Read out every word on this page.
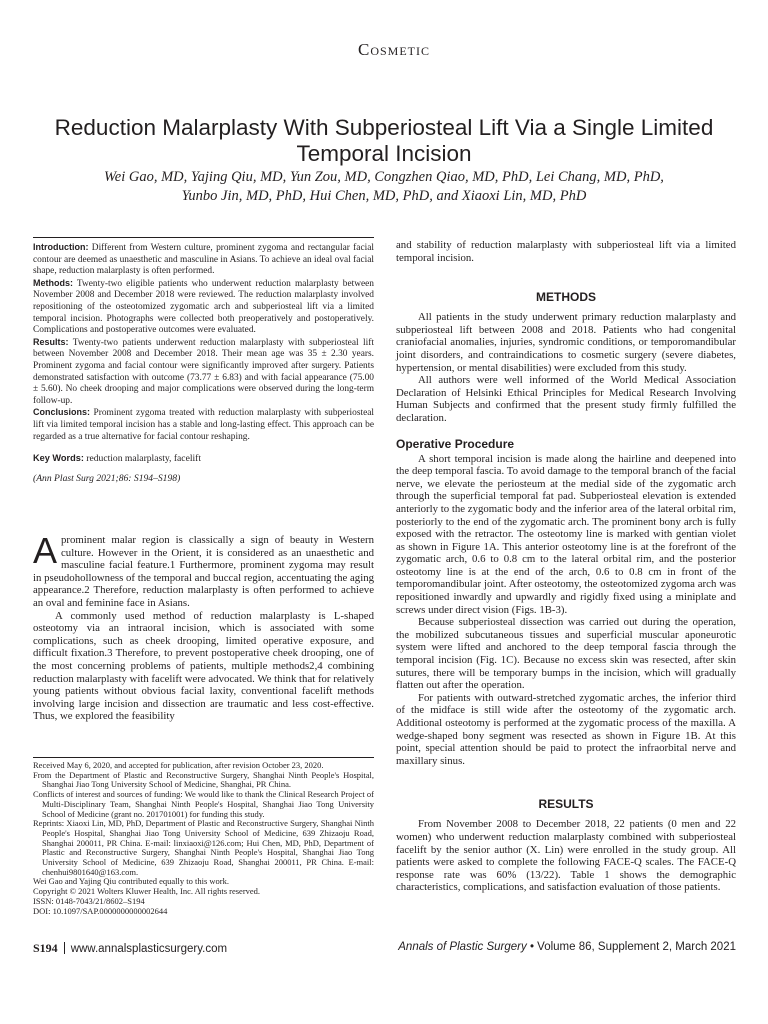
Cosmetic
Reduction Malarplasty With Subperiosteal Lift Via a Single Limited Temporal Incision
Wei Gao, MD, Yajing Qiu, MD, Yun Zou, MD, Congzhen Qiao, MD, PhD, Lei Chang, MD, PhD,
Yunbo Jin, MD, PhD, Hui Chen, MD, PhD, and Xiaoxi Lin, MD, PhD

Introduction: Different from Western culture, prominent zygoma and rectangular facial contour are deemed as unaesthetic and masculine in Asians. To achieve an ideal oval facial shape, reduction malarplasty is often performed.

Methods: Twenty-two eligible patients who underwent reduction malarplasty between November 2008 and December 2018 were reviewed. The reduction malarplasty involved repositioning of the osteotomized zygomatic arch and subperiosteal lift via a limited temporal incision. Photographs were collected both preoperatively and postoperatively. Complications and postoperative outcomes were evaluated.

Results: Twenty-two patients underwent reduction malarplasty with subperiosteal lift between November 2008 and December 2018. Their mean age was 35 ± 2.30 years. Prominent zygoma and facial contour were significantly improved after surgery. Patients demonstrated satisfaction with outcome (73.77 ± 6.83) and with facial appearance (75.00 ± 5.60). No cheek drooping and major complications were observed during the long-term follow-up.

Conclusions: Prominent zygoma treated with reduction malarplasty with subperiosteal lift via limited temporal incision has a stable and long-lasting effect. This approach can be regarded as a true alternative for facial contour reshaping.

Key Words: reduction malarplasty, facelift

(Ann Plast Surg 2021;86: S194–S198)

Aprominent malar region is classically a sign of beauty in Western culture. However in the Orient, it is considered as an unaesthetic and masculine facial feature.1 Furthermore, prominent zygoma may result in pseudohollowness of the temporal and buccal region, accentuating the aging appearance.2 Therefore, reduction malarplasty is often performed to achieve an oval and feminine face in Asians.

A commonly used method of reduction malarplasty is L-shaped osteotomy via an intraoral incision, which is associated with some complications, such as cheek drooping, limited operative exposure, and difficult fixation.3 Therefore, to prevent postoperative cheek drooping, one of the most concerning problems of patients, multiple methods2,4 combining reduction malarplasty with facelift were advocated. We think that for relatively young patients without obvious facial laxity, conventional facelift methods involving large incision and dissection are traumatic and less cost-effective. Thus, we explored the feasibility

Received May 6, 2020, and accepted for publication, after revision October 23, 2020.

From the Department of Plastic and Reconstructive Surgery, Shanghai Ninth People's Hospital, Shanghai Jiao Tong University School of Medicine, Shanghai, PR China.

Conflicts of interest and sources of funding: We would like to thank the Clinical Research Project of Multi-Disciplinary Team, Shanghai Ninth People's Hospital, Shanghai Jiao Tong University School of Medicine (grant no. 201701001) for funding this study.

Reprints: Xiaoxi Lin, MD, PhD, Department of Plastic and Reconstructive Surgery, Shanghai Ninth People's Hospital, Shanghai Jiao Tong University School of Medicine, 639 Zhizaoju Road, Shanghai 200011, PR China. E-mail: linxiaoxi@126.com; Hui Chen, MD, PhD, Department of Plastic and Reconstructive Surgery, Shanghai Ninth People's Hospital, Shanghai Jiao Tong University School of Medicine, 639 Zhizaoju Road, Shanghai 200011, PR China. E-mail: chenhui9801640@163.com.

Wei Gao and Yajing Qiu contributed equally to this work.

Copyright © 2021 Wolters Kluwer Health, Inc. All rights reserved.

ISSN: 0148-7043/21/8602–S194

DOI: 10.1097/SAP.0000000000002644

and stability of reduction malarplasty with subperiosteal lift via a limited temporal incision.

METHODS

All patients in the study underwent primary reduction malarplasty and subperiosteal lift between 2008 and 2018. Patients who had congenital craniofacial anomalies, injuries, syndromic conditions, or temporomandibular joint disorders, and contraindications to cosmetic surgery (severe diabetes, hypertension, or mental disabilities) were excluded from this study.

All authors were well informed of the World Medical Association Declaration of Helsinki Ethical Principles for Medical Research Involving Human Subjects and confirmed that the present study firmly fulfilled the declaration.

Operative Procedure

A short temporal incision is made along the hairline and deepened into the deep temporal fascia. To avoid damage to the temporal branch of the facial nerve, we elevate the periosteum at the medial side of the zygomatic arch through the superficial temporal fat pad. Subperiosteal elevation is extended anteriorly to the zygomatic body and the inferior area of the lateral orbital rim, posteriorly to the end of the zygomatic arch. The prominent bony arch is fully exposed with the retractor. The osteotomy line is marked with gentian violet as shown in Figure 1A. This anterior osteotomy line is at the forefront of the zygomatic arch, 0.6 to 0.8 cm to the lateral orbital rim, and the posterior osteotomy line is at the end of the arch, 0.6 to 0.8 cm in front of the temporomandibular joint. After osteotomy, the osteotomized zygoma arch was repositioned inwardly and upwardly and rigidly fixed using a miniplate and screws under direct vision (Figs. 1B-3).

Because subperiosteal dissection was carried out during the operation, the mobilized subcutaneous tissues and superficial muscular aponeurotic system were lifted and anchored to the deep temporal fascia through the temporal incision (Fig. 1C). Because no excess skin was resected, after skin sutures, there will be temporary bumps in the incision, which will gradually flatten out after the operation.

For patients with outward-stretched zygomatic arches, the inferior third of the midface is still wide after the osteotomy of the zygomatic arch. Additional osteotomy is performed at the zygomatic process of the maxilla. A wedge-shaped bony segment was resected as shown in Figure 1B. At this point, special attention should be paid to protect the infraorbital nerve and maxillary sinus.

RESULTS

From November 2008 to December 2018, 22 patients (0 men and 22 women) who underwent reduction malarplasty combined with subperiosteal facelift by the senior author (X. Lin) were enrolled in the study group. All patients were asked to complete the following FACE-Q scales. The FACE-Q response rate was 60% (13/22). Table 1 shows the demographic characteristics, complications, and satisfaction evaluation of those patients.

S194 www.annalsplasticsurgery.com	Annals of Plastic Surgery • Volume 86, Supplement 2, March 2021
